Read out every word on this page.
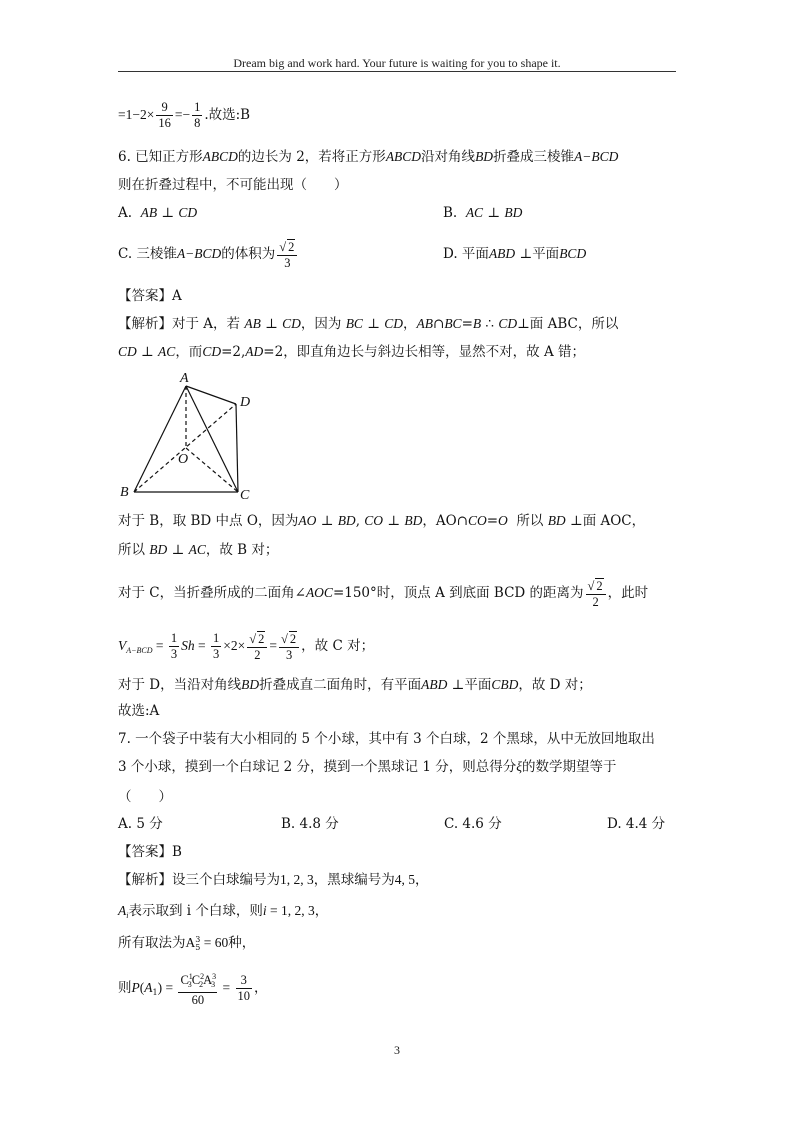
Dream big and work hard. Your future is waiting for you to shape it.
$=1-2\times \frac{9}{16} =- \frac{1}{8}$ .故选:B
6. 已知正方形ABCD的边长为 2，若将正方形ABCD沿对角线BD折叠成三棱锥A−BCD
则在折叠过程中，不可能出现（　　）
A. AB ⊥ CD	B. AC ⊥ BD
C. 三棱锥A−BCD的体积为 $\frac{√ 2}{3}$	D. 平面ABD ⊥平面BCD
【答案】A
【解析】对于 A，若 AB ⊥ CD，因为 BC ⊥ CD，AB∩BC=B ∴ CD⊥面 ABC，所以
CD ⊥ AC，而CD=2,AD=2，即直角边长与斜边长相等，显然不对，故 A 错；
A
D
O
B	C
对于 B，取 BD 中点 O，因为AO ⊥ BD, CO ⊥ BD，AO∩CO=O 所以 BD ⊥面 AOC，
所以 BD ⊥ AC，故 B 对；
对于 C，当折叠所成的二面角∠AOC=150°时，顶点 A 到底面 BCD 的距离为 $\frac{√ 2}{2}$ ，此时
$V_{A-BCD} = \frac{1}{3}$ $Sh = \frac{1}{3} \times 2\times \frac{√ 2}{2} = \frac{√ 2}{3}$ ，故 C 对；
对于 D，当沿对角线BD折叠成直二面角时，有平面ABD ⊥平面CBD，故 D 对；
故选:A
7. 一个袋子中装有大小相同的 5 个小球，其中有 3 个白球，2 个黑球，从中无放回地取出
3 个小球，摸到一个白球记 2 分，摸到一个黑球记 1 分，则总得分ξ的数学期望等于
（　　）
A. 5 分	B. 4.8 分	C. 4.6 分	D. 4.4 分
【答案】B
【解析】设三个白球编号为1, 2, 3，黑球编号为4, 5，
$A_i$表示取到 i 个白球，则i = 1, 2, 3，
所有取法为A 3
5 = 60种，
则$P(A_1) = \frac{C^1_3C^2_2A^3_3}{60} = \frac{3}{10}$ ，
3
